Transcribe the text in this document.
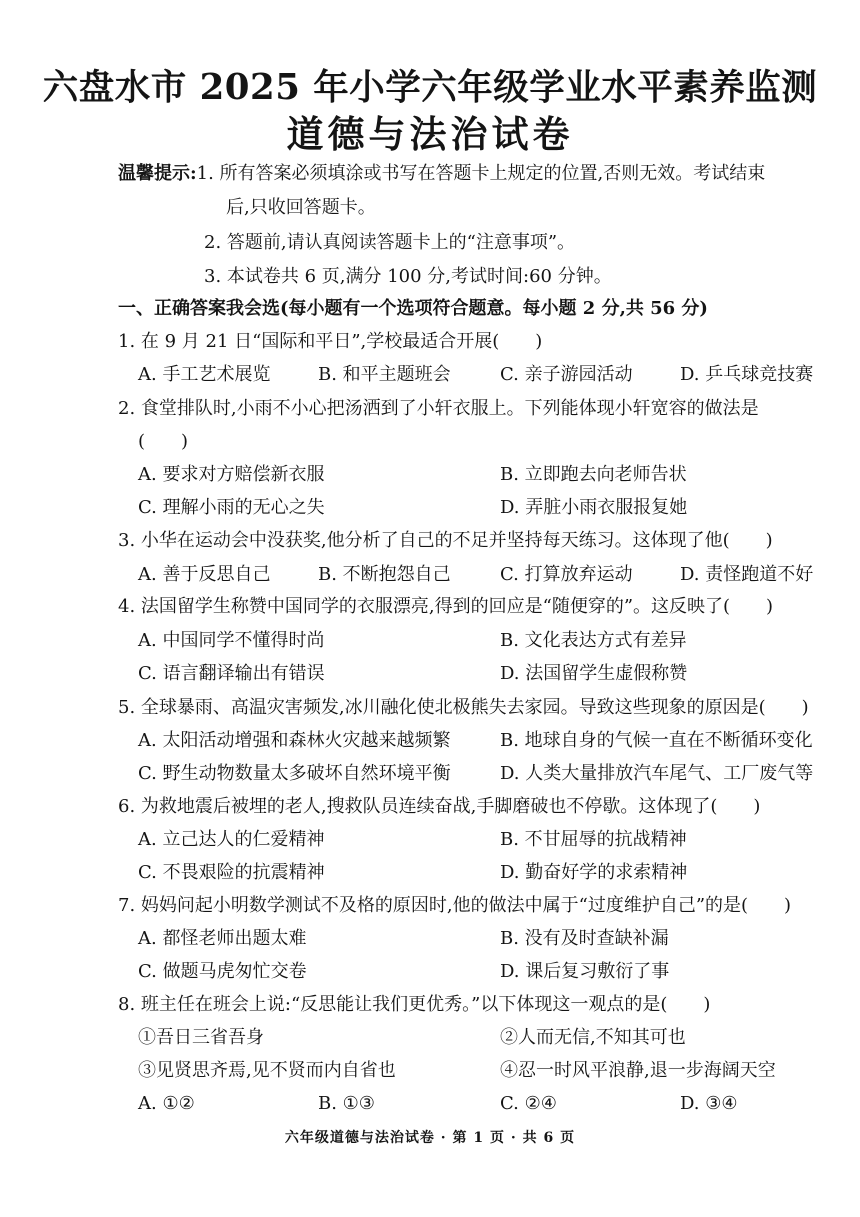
六盘水市 2025 年小学六年级学业水平素养监测
道德与法治试卷
温馨提示:1. 所有答案必须填涂或书写在答题卡上规定的位置,否则无效。考试结束
后,只收回答题卡。
2. 答题前,请认真阅读答题卡上的“注意事项”。
3. 本试卷共 6 页,满分 100 分,考试时间:60 分钟。
一、正确答案我会选(每小题有一个选项符合题意。每小题 2 分,共 56 分)
1. 在 9 月 21 日“国际和平日”,学校最适合开展(　　)
A. 手工艺术展览	B. 和平主题班会	C. 亲子游园活动	D. 乒乓球竞技赛
2. 食堂排队时,小雨不小心把汤洒到了小轩衣服上。下列能体现小轩宽容的做法是
(　　)
A. 要求对方赔偿新衣服	B. 立即跑去向老师告状
C. 理解小雨的无心之失	D. 弄脏小雨衣服报复她
3. 小华在运动会中没获奖,他分析了自己的不足并坚持每天练习。这体现了他(　　)
A. 善于反思自己	B. 不断抱怨自己	C. 打算放弃运动	D. 责怪跑道不好
4. 法国留学生称赞中国同学的衣服漂亮,得到的回应是“随便穿的”。这反映了(　　)
A. 中国同学不懂得时尚	B. 文化表达方式有差异
C. 语言翻译输出有错误	D. 法国留学生虚假称赞
5. 全球暴雨、高温灾害频发,冰川融化使北极熊失去家园。导致这些现象的原因是(　　)
A. 太阳活动增强和森林火灾越来越频繁	B. 地球自身的气候一直在不断循环变化
C. 野生动物数量太多破坏自然环境平衡	D. 人类大量排放汽车尾气、工厂废气等
6. 为救地震后被埋的老人,搜救队员连续奋战,手脚磨破也不停歇。这体现了(　　)
A. 立己达人的仁爱精神	B. 不甘屈辱的抗战精神
C. 不畏艰险的抗震精神	D. 勤奋好学的求索精神
7. 妈妈问起小明数学测试不及格的原因时,他的做法中属于“过度维护自己”的是(　　)
A. 都怪老师出题太难	B. 没有及时查缺补漏
C. 做题马虎匆忙交卷	D. 课后复习敷衍了事
8. 班主任在班会上说:“反思能让我们更优秀。”以下体现这一观点的是(　　)
①吾日三省吾身	②人而无信,不知其可也
③见贤思齐焉,见不贤而内自省也	④忍一时风平浪静,退一步海阔天空
A. ①②	B. ①③	C. ②④	D. ③④
六年级道德与法治试卷 · 第 1 页 · 共 6 页
